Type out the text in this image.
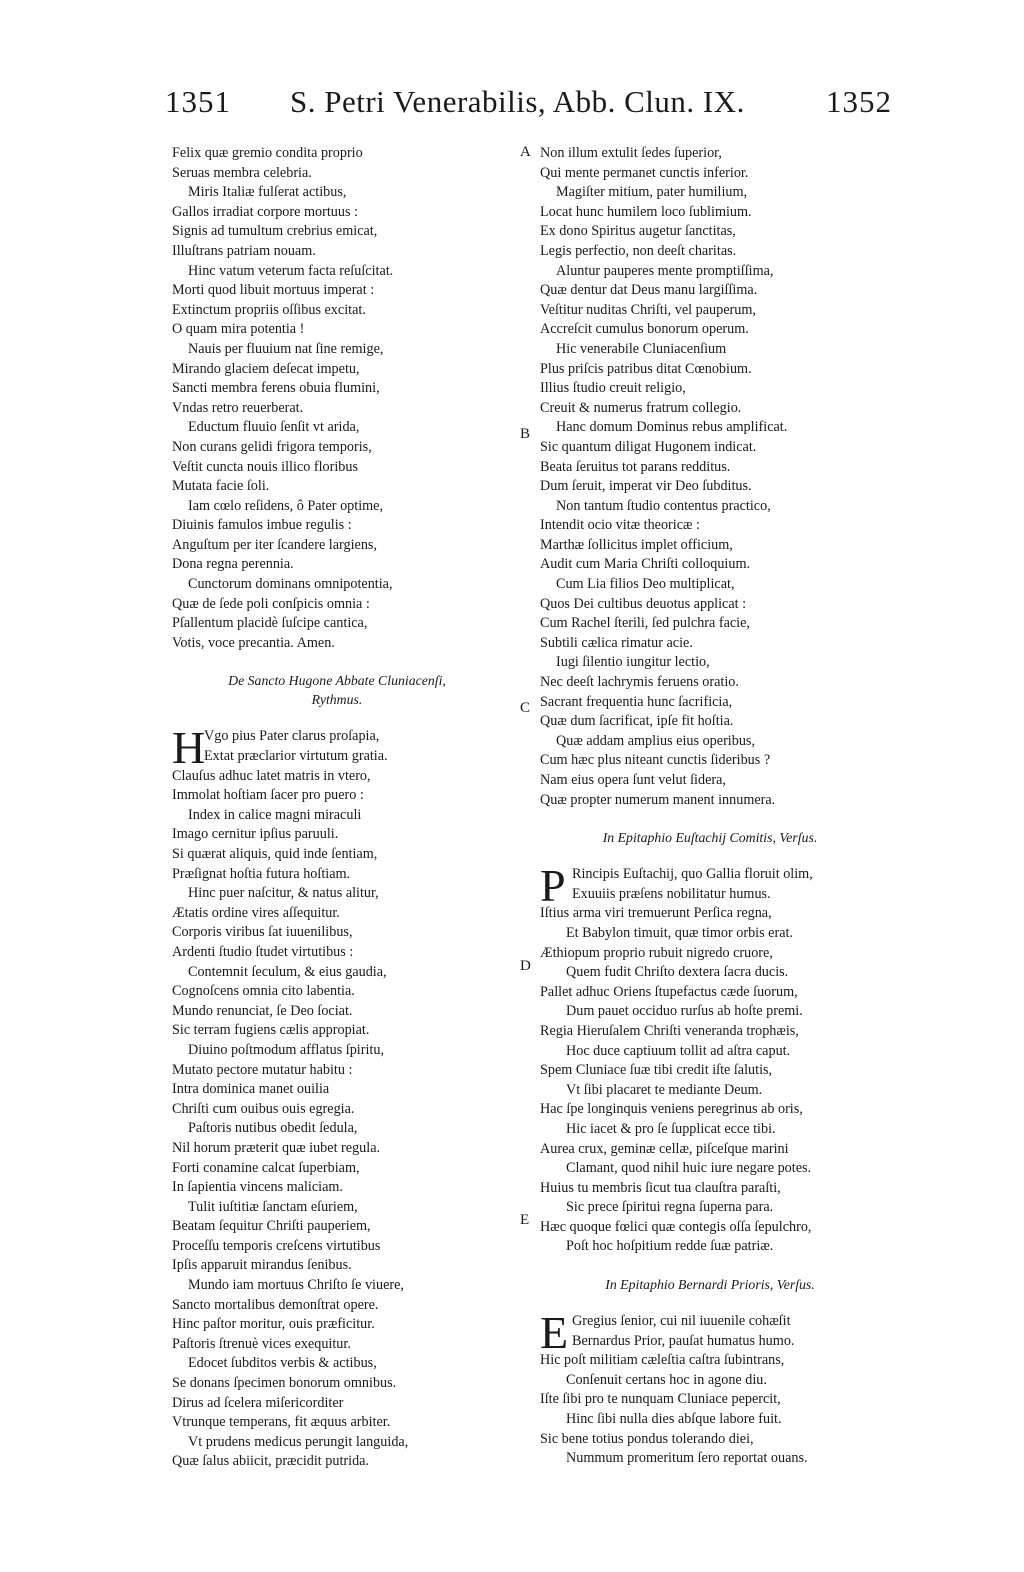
1351 S. Petri Venerabilis, Abb. Clun. IX.	1352
Felix quæ gremio condita proprio
Seruas membra celebria.
Miris Italiæ fulſerat actibus,
Gallos irradiat corpore mortuus :
Signis ad tumultum crebrius emicat,
Illuſtrans patriam nouam.
Hinc vatum veterum facta reſuſcitat.
Morti quod libuit mortuus imperat :
Extinctum propriis oſſibus excitat.
O quam mira potentia !
Nauis per fluuium nat ſine remige,
Mirando glaciem deſecat impetu,
Sancti membra ferens obuia flumini,
Vndas retro reuerberat.
Eductum fluuio ſenſit vt arida,
Non curans gelidi frigora temporis,
Veſtit cuncta nouis illico floribus
Mutata facie ſoli.
Iam cœlo reſidens, ô Pater optime,
Diuinis famulos imbue regulis :
Anguſtum per iter ſcandere largiens,
Dona regna perennia.
Cunctorum dominans omnipotentia,
Quæ de ſede poli conſpicis omnia :
Pſallentum placidè ſuſcipe cantica,
Votis, voce precantia. Amen.
De Sancto Hugone Abbate Cluniacenſi,
Rythmus.
H
Vgo pius Pater clarus proſapia,
Extat præclarior virtutum gratia.
Clauſus adhuc latet matris in vtero,
Immolat hoſtiam ſacer pro puero :
Index in calice magni miraculi
Imago cernitur ipſius paruuli.
Si quærat aliquis, quid inde ſentiam,
Præſignat hoſtia futura hoſtiam.
Hinc puer naſcitur, & natus alitur,
Ætatis ordine vires aſſequitur.
Corporis viribus ſat iuuenilibus,
Ardenti ſtudio ſtudet virtutibus :
Contemnit ſeculum, & eius gaudia,
Cognoſcens omnia cito labentia.
Mundo renunciat, ſe Deo ſociat.
Sic terram fugiens cælis appropiat.
Diuino poſtmodum afflatus ſpiritu,
Mutato pectore mutatur habitu :
Intra dominica manet ouilia
Chriſti cum ouibus ouis egregia.
Paſtoris nutibus obedit ſedula,
Nil horum præterit quæ iubet regula.
Forti conamine calcat ſuperbiam,
In ſapientia vincens maliciam.
Tulit iuſtitiæ ſanctam eſuriem,
Beatam ſequitur Chriſti pauperiem,
Proceſſu temporis creſcens virtutibus
Ipſis apparuit mirandus ſenibus.
Mundo iam mortuus Chriſto ſe viuere,
Sancto mortalibus demonſtrat opere.
Hinc paſtor moritur, ouis præficitur.
Paſtoris ſtrenuè vices exequitur.
Edocet ſubditos verbis & actibus,
Se donans ſpecimen bonorum omnibus.
Dirus ad ſcelera miſericorditer
Vtrunque temperans, fit æquus arbiter.
Vt prudens medicus perungit languida,
Quæ ſalus abiicit, præcidit putrida.
A
B
C
D
E
Non illum extulit ſedes ſuperior,
Qui mente permanet cunctis inferior.
Magiſter mitium, pater humilium,
Locat hunc humilem loco ſublimium.
Ex dono Spiritus augetur ſanctitas,
Legis perfectio, non deeſt charitas.
Aluntur pauperes mente promptiſſima,
Quæ dentur dat Deus manu largiſſima.
Veſtitur nuditas Chriſti, vel pauperum,
Accreſcit cumulus bonorum operum.
Hic venerabile Cluniacenſium
Plus priſcis patribus ditat Cœnobium.
Illius ſtudio creuit religio,
Creuit & numerus fratrum collegio.
Hanc domum Dominus rebus amplificat.
Sic quantum diligat Hugonem indicat.
Beata ſeruitus tot parans redditus.
Dum ſeruit, imperat vir Deo ſubditus.
Non tantum ſtudio contentus practico,
Intendit ocio vitæ theoricæ :
Marthæ ſollicitus implet officium,
Audit cum Maria Chriſti colloquium.
Cum Lia filios Deo multiplicat,
Quos Dei cultibus deuotus applicat :
Cum Rachel ſterili, ſed pulchra facie,
Subtili cælica rimatur acie.
Iugi ſilentio iungitur lectio,
Nec deeſt lachrymis feruens oratio.
Sacrant frequentia hunc ſacrificia,
Quæ dum ſacrificat, ipſe fit hoſtia.
Quæ addam amplius eius operibus,
Cum hæc plus niteant cunctis ſideribus ?
Nam eius opera ſunt velut ſidera,
Quæ propter numerum manent innumera.
In Epitaphio Euſtachij Comitis, Verſus.
P Rincipis Euſtachij, quo Gallia floruit olim,
Exuuiis præſens nobilitatur humus.
Iſtius arma viri tremuerunt Perſica regna,
Et Babylon timuit, quæ timor orbis erat.
Æthiopum proprio rubuit nigredo cruore,
Quem fudit Chriſto dextera ſacra ducis.
Pallet adhuc Oriens ſtupefactus cæde ſuorum,
Dum pauet occiduo rurſus ab hoſte premi.
Regia Hieruſalem Chriſti veneranda trophæis,
Hoc duce captiuum tollit ad aſtra caput.
Spem Cluniace ſuæ tibi credit iſte ſalutis,
Vt ſibi placaret te mediante Deum.
Hac ſpe longinquis veniens peregrinus ab oris,
Hic iacet & pro ſe ſupplicat ecce tibi.
Aurea crux, geminæ cellæ, piſceſque marini
Clamant, quod nihil huic iure negare potes.
Huius tu membris ſicut tua clauſtra paraſti,
Sic prece ſpiritui regna ſuperna para.
Hæc quoque fœlici quæ contegis oſſa ſepulchro,
Poſt hoc hoſpitium redde ſuæ patriæ.
In Epitaphio Bernardi Prioris, Verſus.
E Gregius ſenior, cui nil iuuenile cohæſit
Bernardus Prior, pauſat humatus humo.
Hic poſt militiam cæleſtia caſtra ſubintrans,
Conſenuit certans hoc in agone diu.
Iſte ſibi pro te nunquam Cluniace pepercit,
Hinc ſibi nulla dies abſque labore fuit.
Sic bene totius pondus tolerando diei,
Nummum promeritum ſero reportat ouans.
